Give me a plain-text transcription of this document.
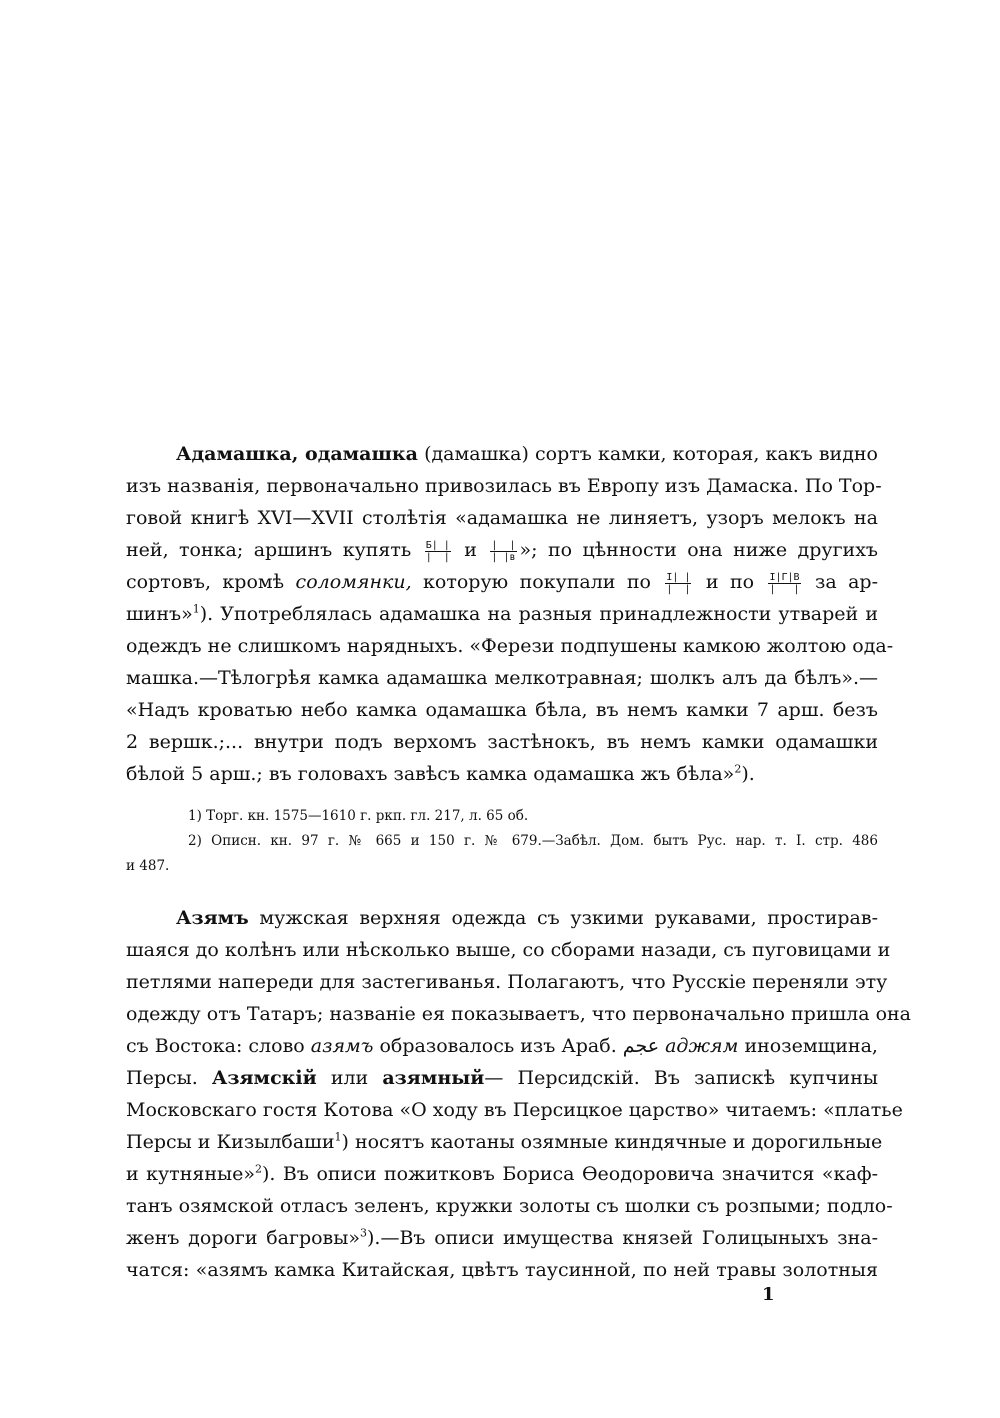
Адамашка, одамашка (дамашка) сортъ камки, которая, какъ видно
изъ названія, первоначально привозилась въ Европу изъ Дамаска. По Тор-
говой книгѣ XVI—XVII столѣтія «адамашка не линяетъ, узоръ мелокъ на
ней, тонка; аршинъ купять $\frac{Б| |}{| |}$ и $\frac{| |}{| |в}$ »; по цѣнности она ниже другихъ
сортовъ, кромѣ соломянки, которую покупали по $\frac{I| |}{| |}$ и по $\frac{I|Г|В}{| |}$ за ар-
шинъ»$^1$). Употреблялась адамашка на разныя принадлежности утварей и
одеждъ не слишкомъ нарядныхъ. «Ферези подпушены камкою жолтою ода-
машка.—Тѣлогрѣя камка адамашка мелкотравная; шолкъ алъ да бѣлъ».—
«Надъ кроватью небо камка одамашка бѣла, въ немъ камки 7 арш. безъ
2 вершк.;... внутри подъ верхомъ застѣнокъ, въ немъ камки одамашки
бѣлой 5 арш.; въ головахъ завѣсъ камка одамашка жъ бѣла»$^2$).
1) Торг. кн. 1575—1610 г. ркп. гл. 217, л. 65 об.
2) Описн. кн. 97 г. № 665 и 150 г. № 679.—Забѣл. Дом. бытъ Рус. нар. т. I. стр. 486
и 487.
Азямъ мужская верхняя одежда съ узкими рукавами, простирав-
шаяся до колѣнъ или нѣсколько выше, со сборами назади, съ пуговицами и
петлями напереди для застегиванья. Полагаютъ, что Русскіе переняли эту
одежду отъ Татаръ; названіе ея показываетъ, что первоначально пришла она
съ Востока: слово азямъ образовалось изъ Араб. عجم аджям иноземщина,
Персы. Азямскій или азямный— Персидскій. Въ запискѣ купчины
Московскаго гостя Котова «О ходу въ Персицкое царство» читаемъ: «платье
Персы и Кизылбаши$^1$) носятъ каотаны озямные киндячные и дорогильные
и кутняные»$^2$). Въ описи пожитковъ Бориса Ѳеодоровича значится «каф-
танъ озямской отласъ зеленъ, кружки золоты съ шолки съ розпыми; подло-
женъ дороги багровы»$^3$).—Въ описи имущества князей Голицыныхъ зна-
чатся: «азямъ камка Китайская, цвѣтъ таусинной, по ней травы золотныя
1
